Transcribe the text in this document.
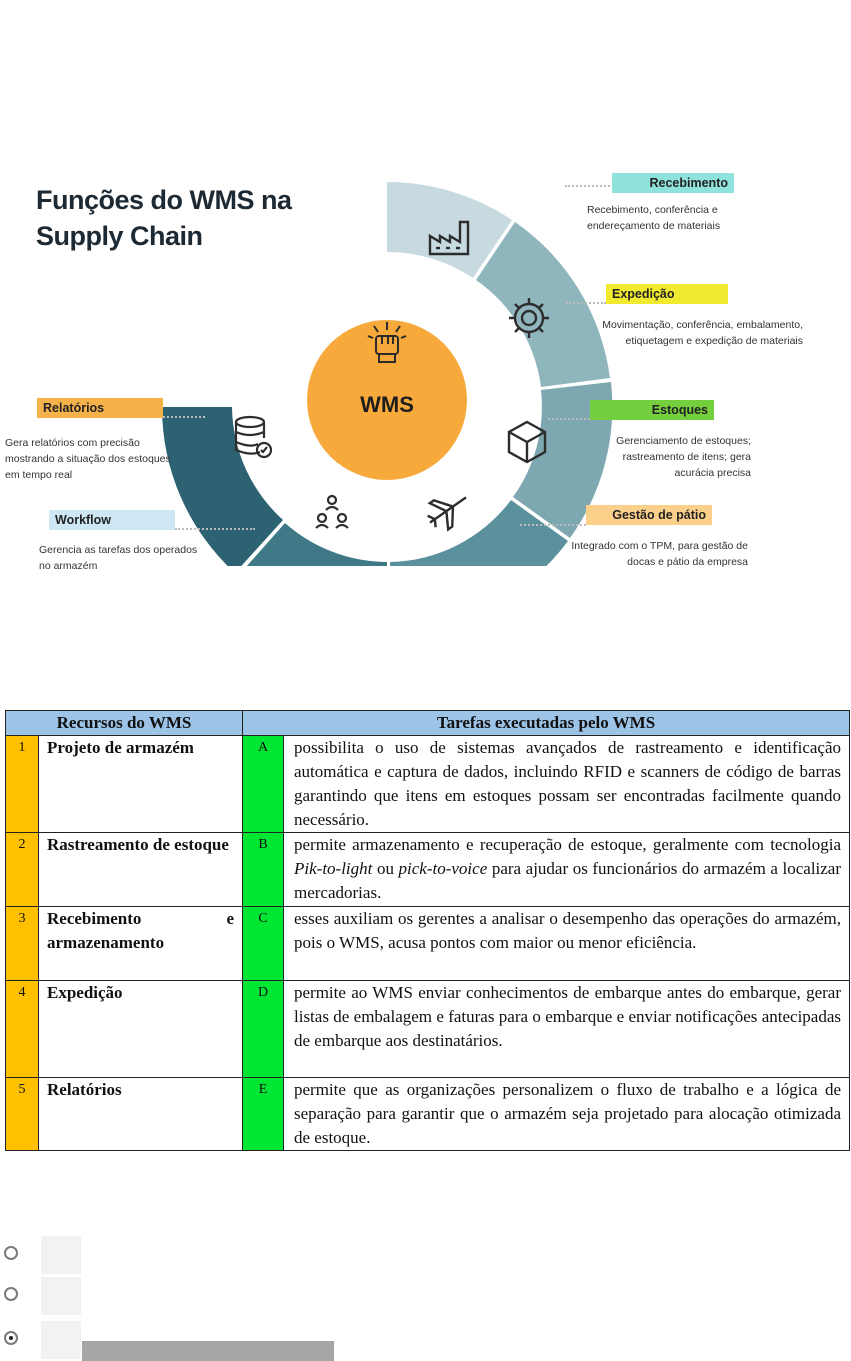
Funções do WMS na
Supply Chain
WMS
Recebimento
Recebimento, conferência e
endereçamento de materiais
Expedição
Movimentação, conferência, embalamento,
etiquetagem e expedição de materiais
Estoques
Gerenciamento de estoques;
rastreamento de itens; gera
acurácia precisa
Gestão de pátio
Integrado com o TPM, para gestão de
docas e pátio da empresa
Relatórios
Gera relatórios com precisão
mostrando a situação dos estoques
em tempo real
Workflow
Gerencia as tarefas dos operados
no armazém
Recursos do WMS		Tarefas executadas pelo WMS	
1	Projeto de armazém	A	possibilita o uso de sistemas avançados de rastreamento e identificação automática e captura de dados, incluindo RFID e scanners de código de barras garantindo que itens em estoques possam ser encontradas facilmente quando necessário.
2	Rastreamento de estoque	B	permite armazenamento e recuperação de estoque, geralmente com tecnologia Pik-to-light ou pick-to-voice para ajudar os funcionários do armazém a localizar mercadorias.
3	Recebimento e armazenamento	C	esses auxiliam os gerentes a analisar o desempenho das operações do armazém, pois o WMS, acusa pontos com maior ou menor eficiência.
4	Expedição	D	permite ao WMS enviar conhecimentos de embarque antes do embarque, gerar listas de embalagem e faturas para o embarque e enviar notificações antecipadas de embarque aos destinatários.
5	Relatórios	E	permite que as organizações personalizem o fluxo de trabalho e a lógica de separação para garantir que o armazém seja projetado para alocação otimizada de estoque.
